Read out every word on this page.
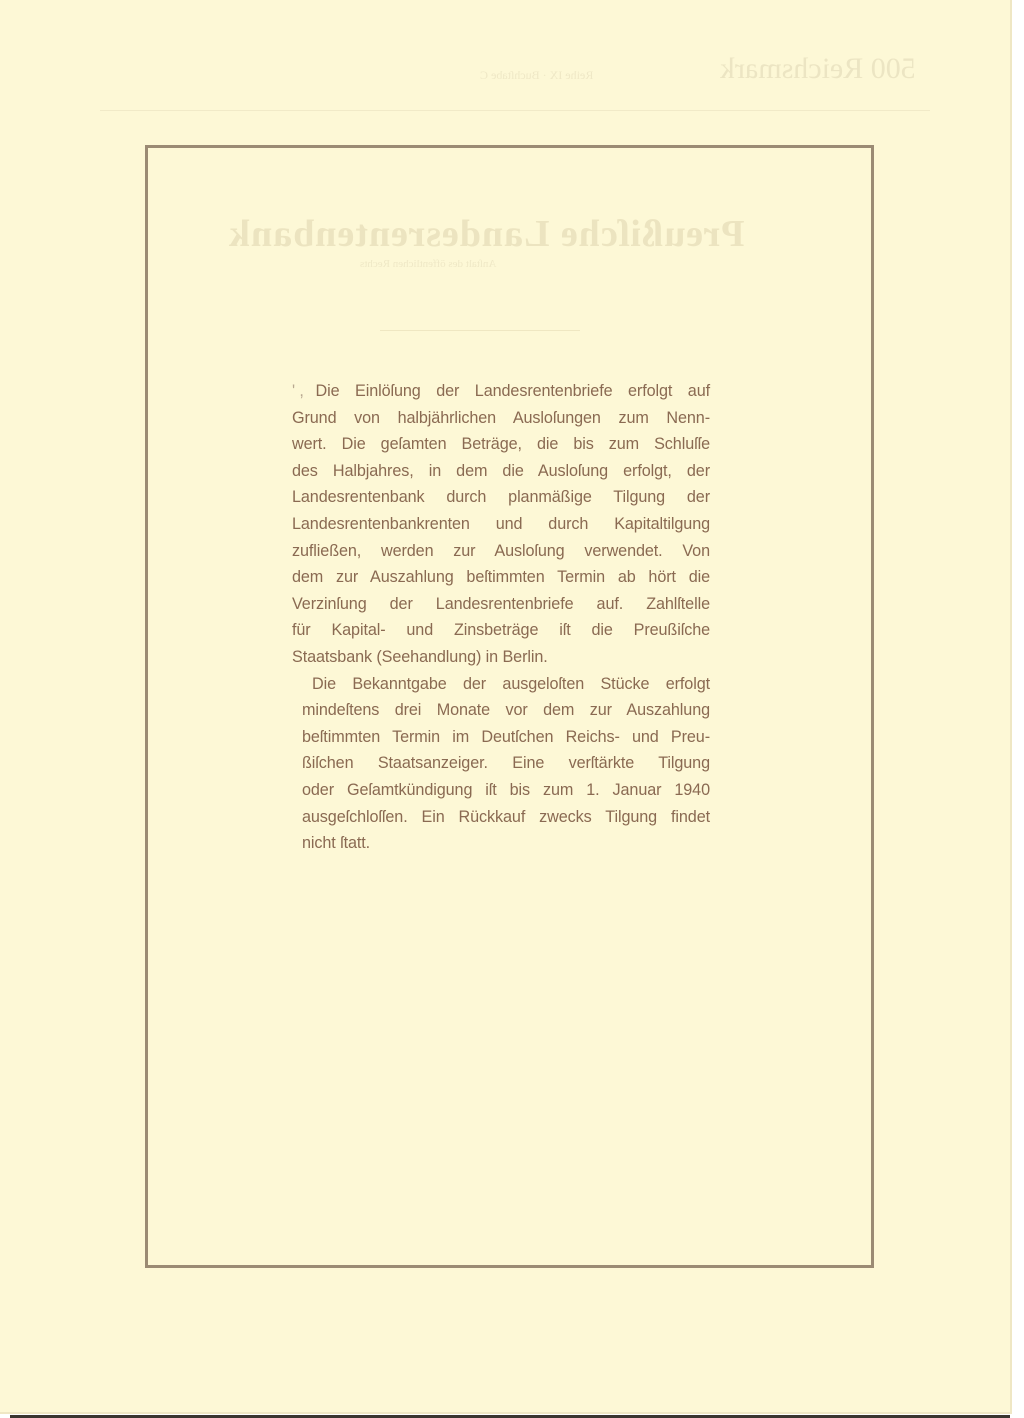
500 Reichsmark
Reihe IX · Buchſtabe C
Preußiſche Landesrentenbank
Anſtalt des öffentlichen Rechts
' , Die Einlöſung der Landesrentenbriefe erfolgt auf
Grund von halbjährlichen Ausloſungen zum Nenn-
wert. Die geſamten Beträge, die bis zum Schluſſe
des Halbjahres, in dem die Ausloſung erfolgt, der
Landesrentenbank durch planmäßige Tilgung der
Landesrentenbankrenten und durch Kapitaltilgung
zufließen, werden zur Ausloſung verwendet. Von
dem zur Auszahlung beſtimmten Termin ab hört die
Verzinſung der Landesrentenbriefe auf. Zahlſtelle
für Kapital- und Zinsbeträge iſt die Preußiſche
Staatsbank (Seehandlung) in Berlin.
Die Bekanntgabe der ausgeloſten Stücke erfolgt
mindeſtens drei Monate vor dem zur Auszahlung
beſtimmten Termin im Deutſchen Reichs- und Preu-
ßiſchen Staatsanzeiger. Eine verſtärkte Tilgung
oder Geſamtkündigung iſt bis zum 1. Januar 1940
ausgeſchloſſen. Ein Rückkauf zwecks Tilgung findet
nicht ſtatt.
